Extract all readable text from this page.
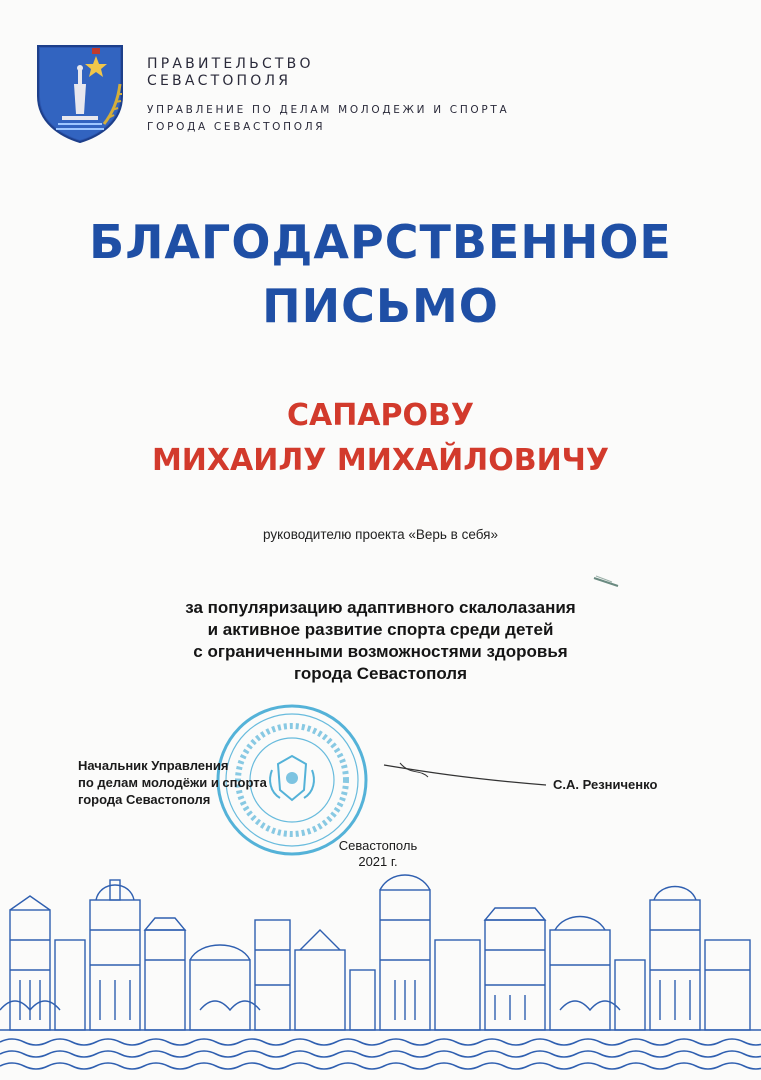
ПРАВИТЕЛЬСТВО
СЕВАСТОПОЛЯ
УПРАВЛЕНИЕ ПО ДЕЛАМ МОЛОДЕЖИ И СПОРТА
ГОРОДА СЕВАСТОПОЛЯ
БЛАГОДАРСТВЕННОЕ
ПИСЬМО
САПАРОВУ
МИХАИЛУ МИХАЙЛОВИЧУ
руководителю проекта «Верь в себя»
за популяризацию адаптивного скалолазания
и активное развитие спорта среди детей
с ограниченными возможностями здоровья
города Севастополя
Начальник Управления
по делам молодёжи и спорта
города Севастополя
С.А. Резниченко
Севастополь
2021 г.
